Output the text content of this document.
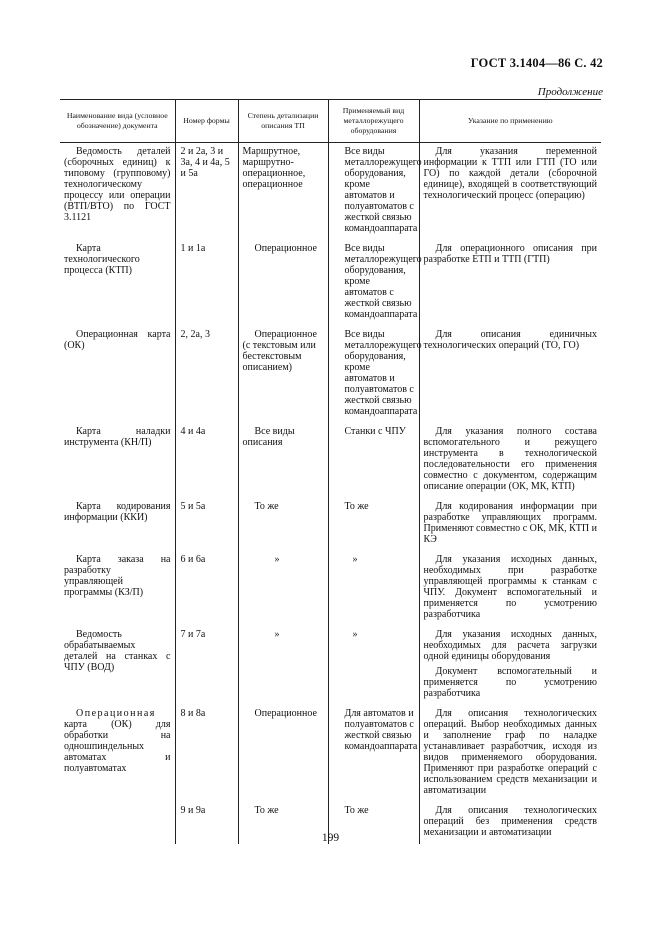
ГОСТ 3.1404—86 С. 42
Продолжение
Наименование вида (условное обозначение) документа	Номер формы	Степень детализации описания ТП	Применяемый вид металлорежущего оборудования	Указание по применению
Ведомость деталей (сборочных единиц) к типовому (групповому) технологическому процессу или операции (ВТП/ВТО) по ГОСТ 3.1121	2 и 2а, 3 и 3а, 4 и 4а, 5 и 5а	Маршрутное, маршрутно-операционное, операционное	Все виды металлорежущего оборудования, кроме автоматов и полуавтоматов с жесткой связью командоаппарата	Для указания переменной информации к ТТП или ГТП (ТО или ГО) по каждой детали (сборочной единице), входящей в соответствующий технологический процесс (операцию)
Карта технологического процесса (КТП)	1 и 1а	Операционное	Все виды металлорежущего оборудования, кроме автоматов с жесткой связью командоаппарата	Для операционного описания при разработке ЕТП и ТТП (ГТП)
Операционная карта (ОК)	2, 2а, 3	Операционное (с текстовым или бестекстовым описанием)	Все виды металлорежущего оборудования, кроме автоматов и полуавтоматов с жесткой связью командоаппарата	Для описания единичных технологических операций (ТО, ГО)
Карта наладки инструмента (КН/П)	4 и 4а	Все виды описания	Станки с ЧПУ	Для указания полного состава вспомогательного и режущего инструмента в технологической последовательности его применения совместно с документом, содержащим описание операции (ОК, МК, КТП)
Карта кодирования информации (ККИ)	5 и 5а	То же	То же	Для кодирования информации при разработке управляющих программ. Применяют совместно с ОК, МК, КТП и КЭ
Карта заказа на разработку управляющей программы (КЗ/П)	6 и 6а	»	»	Для указания исходных данных, необходимых при разработке управляющей программы к станкам с ЧПУ. Документ вспомогательный и применяется по усмотрению разработчика
Ведомость обрабатываемых деталей на станках с ЧПУ (ВОД)	7 и 7а	»	»	Для указания исходных данных, необходимых для расчета загрузки одной единицы оборудования
Документ вспомогательный и применяется по усмотрению разработчика

Операционная карта (ОК) для обработки на одношпиндельных автоматах и полуавтоматах	8 и 8а	Операционное	Для автоматов и полуавтоматов с жесткой связью командоаппарата	Для описания технологических операций. Выбор необходимых данных и заполнение граф по наладке устанавливает разработчик, исходя из видов применяемого оборудования. Применяют при разработке операций с использованием средств механизации и автоматизации
	9 и 9а	То же	То же	Для описания технологических операций без применения средств механизации и автоматизации
199
